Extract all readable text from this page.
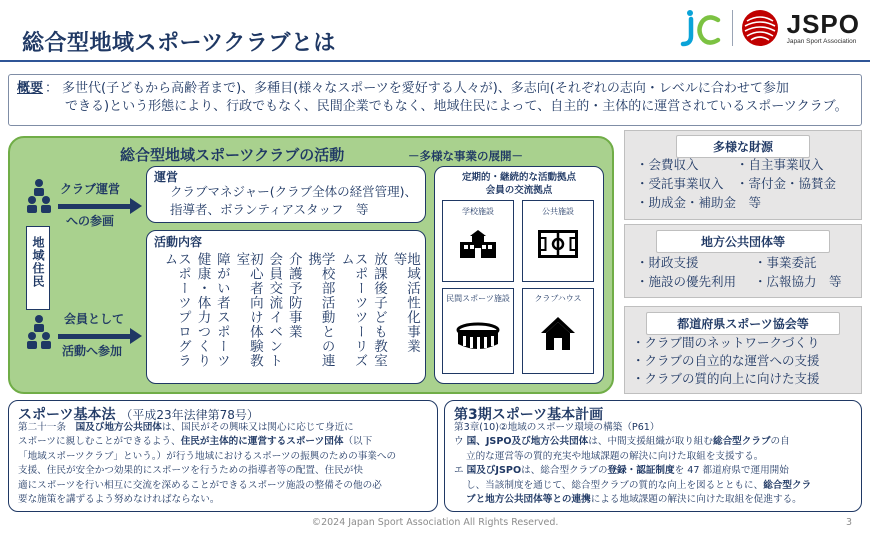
総合型地域スポーツクラブとは
JSPO
Japan Sport Association
概要 ： 多世代(子どもから高齢者まで)、多種目(様々なスポーツを愛好する人々が)、多志向(それぞれの志向・レベルに合わせて参加
できる)という形態により、行政でもなく、民間企業でもなく、地域住民によって、自主的・主体的に運営されているスポーツクラブ。
総合型地域スポーツクラブの活動	－多様な事業の展開－
地域住民
クラブ運営
への参画
会員として
活動へ参加
運営
クラブマネジャー(クラブ全体の経営管理)、
指導者、ボランティアスタッフ　等
活動内容
地域活性化事業　等
放課後子ども教室
スポーツツーリズム
学校部活動との連携
介護予防事業
会員交流イベント
初心者向け体験教室
障がい者スポーツ
健康・体力つくり
スポーツプログラム
定期的・継続的な活動拠点
会員の交流拠点
学校施設	公共施設
民間スポーツ施設	クラブハウス
多様な財源
・会費収入	・自主事業収入
・受託事業収入 ・寄付金・協賛金
・助成金・補助金　等
地方公共団体等
・財政支援	・事業委託
・施設の優先利用 ・広報協力　等
都道府県スポーツ協会等
・クラブ間のネットワークづくり
・クラブの自立的な運営への支援
・クラブの質的向上に向けた支援
スポーツ基本法 （平成23年法律第78号）
第二十一条　国及び地方公共団体は、国民がその興味又は関心に応じて身近に
スポーツに親しむことができるよう、住民が主体的に運営するスポーツ団体（以下
「地域スポーツクラブ」という。）が行う地域におけるスポーツの振興のための事業への
支援、住民が安全かつ効果的にスポーツを行うための指導者等の配置、住民が快
適にスポーツを行い相互に交流を深めることができるスポーツ施設の整備その他の必
要な施策を講ずるよう努めなければならない。
第3期スポーツ基本計画
第3章(10)②地域のスポーツ環境の構築（P61）
ウ 国、JSPO及び地方公共団体は、中間支援組織が取り組む総合型クラブの自
立的な運営等の質的充実や地域課題の解決に向けた取組を支援する。
エ 国及びJSPOは、総合型クラブの登録・認証制度を 47 都道府県で運用開始
し、当該制度を通じて、総合型クラブの質的な向上を図るとともに、総合型クラ
ブと地方公共団体等との連携による地域課題の解決に向けた取組を促進する。
©2024 Japan Sport Association All Rights Reserved.	3
